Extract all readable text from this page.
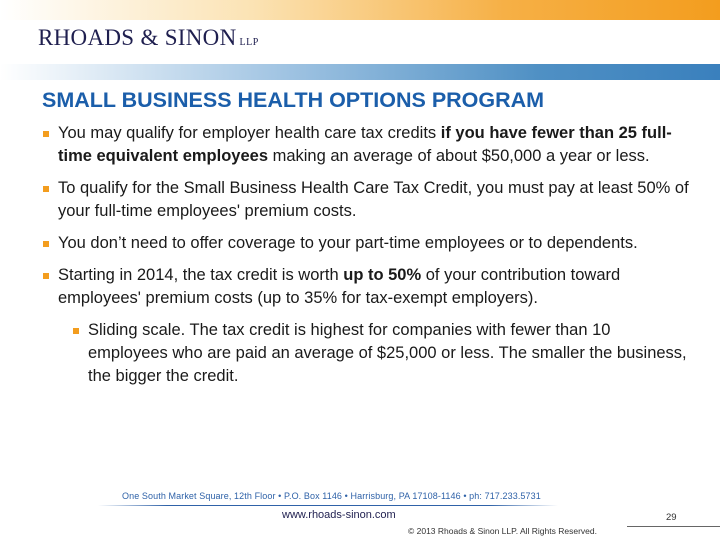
RHOADS & SINON LLP
SMALL BUSINESS HEALTH OPTIONS PROGRAM
You may qualify for employer health care tax credits if you have fewer than 25 full-time equivalent employees making an average of about $50,000 a year or less.
To qualify for the Small Business Health Care Tax Credit, you must pay at least 50% of your full-time employees' premium costs.
You don’t need to offer coverage to your part-time employees or to dependents.
Starting in 2014, the tax credit is worth up to 50% of your contribution toward employees' premium costs (up to 35% for tax-exempt employers).
Sliding scale. The tax credit is highest for companies with fewer than 10 employees who are paid an average of $25,000 or less. The smaller the business, the bigger the credit.
One South Market Square, 12th Floor • P.O. Box 1146 • Harrisburg, PA 17108-1146 • ph: 717.233.5731
www.rhoads-sinon.com	29
© 2013 Rhoads & Sinon LLP. All Rights Reserved.
